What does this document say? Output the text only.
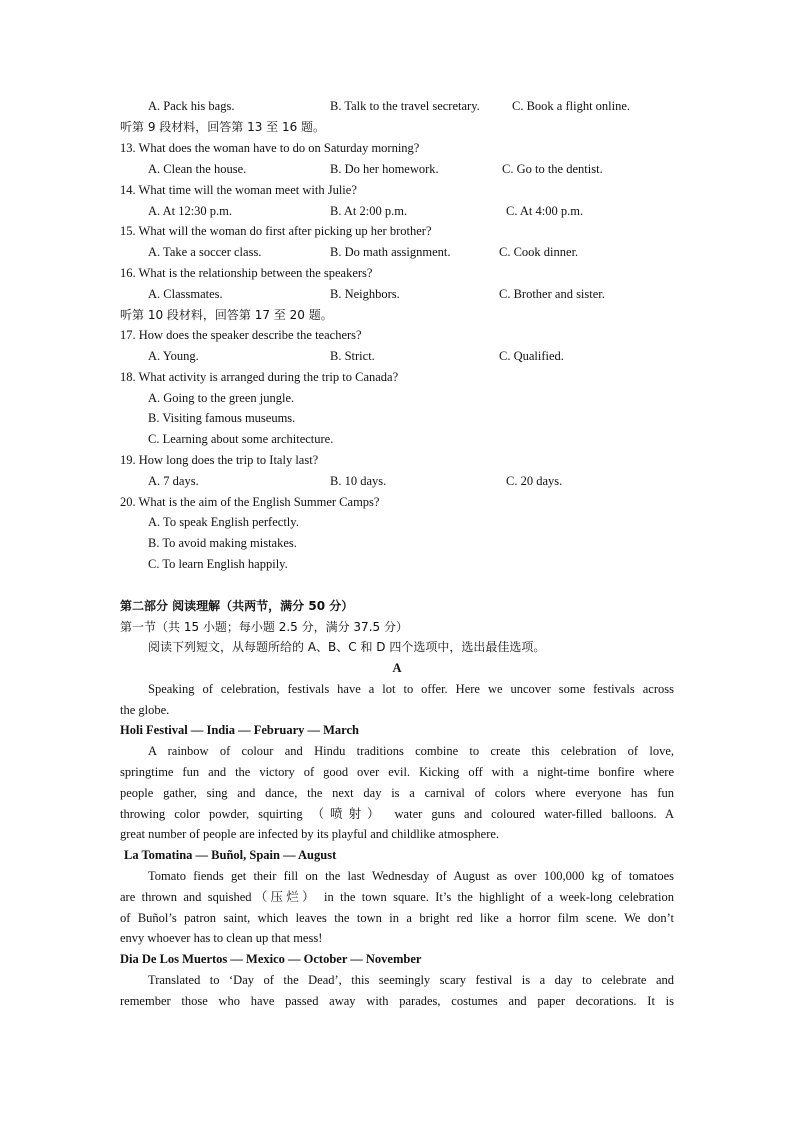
A. Pack his bags.	B. Talk to the travel secretary.	C. Book a flight online.
听第 9 段材料，回答第 13 至 16 题。
13. What does the woman have to do on Saturday morning?
A. Clean the house.	B. Do her homework.	C. Go to the dentist.
14. What time will the woman meet with Julie?
A. At 12:30 p.m.	B. At 2:00 p.m.	C. At 4:00 p.m.
15. What will the woman do first after picking up her brother?
A. Take a soccer class.	B. Do math assignment.	C. Cook dinner.
16. What is the relationship between the speakers?
A. Classmates.	B. Neighbors.	C. Brother and sister.
听第 10 段材料，回答第 17 至 20 题。
17. How does the speaker describe the teachers?
A. Young.	B. Strict.	C. Qualified.
18. What activity is arranged during the trip to Canada?
A. Going to the green jungle.
B. Visiting famous museums.
C. Learning about some architecture.
19. How long does the trip to Italy last?
A. 7 days.	B. 10 days.	C. 20 days.
20. What is the aim of the English Summer Camps?
A. To speak English perfectly.
B. To avoid making mistakes.
C. To learn English happily.
第二部分 阅读理解（共两节，满分 50 分）
第一节（共 15 小题；每小题 2.5 分，满分 37.5 分）
阅读下列短文，从每题所给的 A、B、C 和 D 四个选项中，选出最佳选项。
A
Speaking of celebration, festivals have a lot to offer. Here we uncover some festivals across
the globe.
Holi Festival — India — February — March
A rainbow of colour and Hindu traditions combine to create this celebration of love,
springtime fun and the victory of good over evil. Kicking off with a night-time bonfire where
people gather, sing and dance, the next day is a carnival of colors where everyone has fun
throwing color powder, squirting （喷射） water guns and coloured water-filled balloons. A
great number of people are infected by its playful and childlike atmosphere.
La Tomatina — Buñol, Spain — August
Tomato fiends get their fill on the last Wednesday of August as over 100,000 kg of tomatoes
are thrown and squished（压烂） in the town square. It’s the highlight of a week-long celebration
of Buñol’s patron saint, which leaves the town in a bright red like a horror film scene. We don’t
envy whoever has to clean up that mess!
Dia De Los Muertos — Mexico — October — November
Translated to ‘Day of the Dead’, this seemingly scary festival is a day to celebrate and
remember those who have passed away with parades, costumes and paper decorations. It is
